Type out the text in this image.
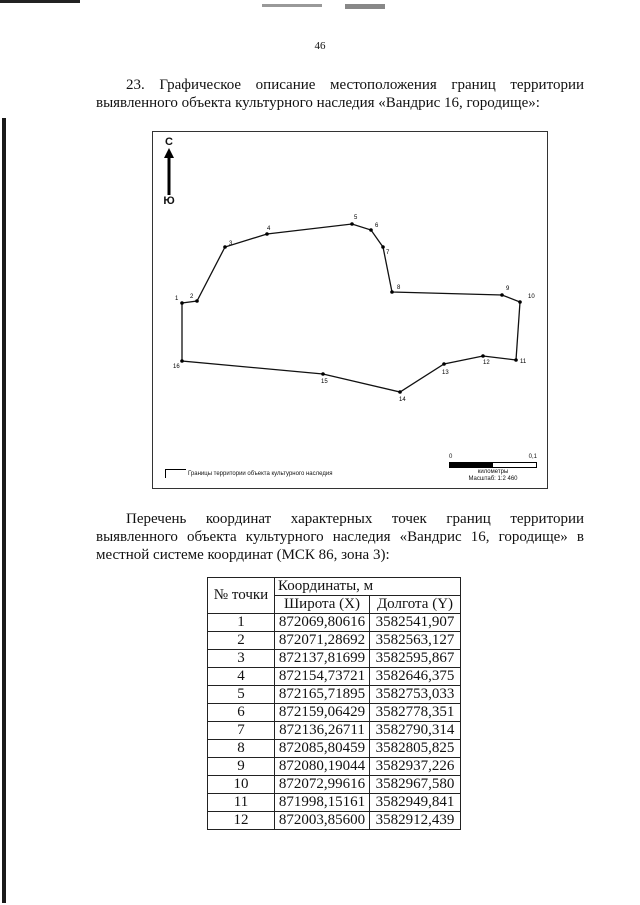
46
23. Графическое описание местоположения границ территории выявленного объекта культурного наследия «Вандрис 16, городище»:
С
Ю
1 2
3
4
5
6
7
8	9
10
11
12
13
14
15
16
Границы территории объекта культурного наследия
0	0,1
километры
Масштаб: 1:2 460
Перечень координат характерных точек границ территории выявленного объекта культурного наследия «Вандрис 16, городище» в местной системе координат (МСК 86, зона 3):
№ точки	Координаты, м	
	Широта (X)	Долгота (Y)
1	872069,80616	3582541,907
2	872071,28692	3582563,127
3	872137,81699	3582595,867
4	872154,73721	3582646,375
5	872165,71895	3582753,033
6	872159,06429	3582778,351
7	872136,26711	3582790,314
8	872085,80459	3582805,825
9	872080,19044	3582937,226
10	872072,99616	3582967,580
11	871998,15161	3582949,841
12	872003,85600	3582912,439
